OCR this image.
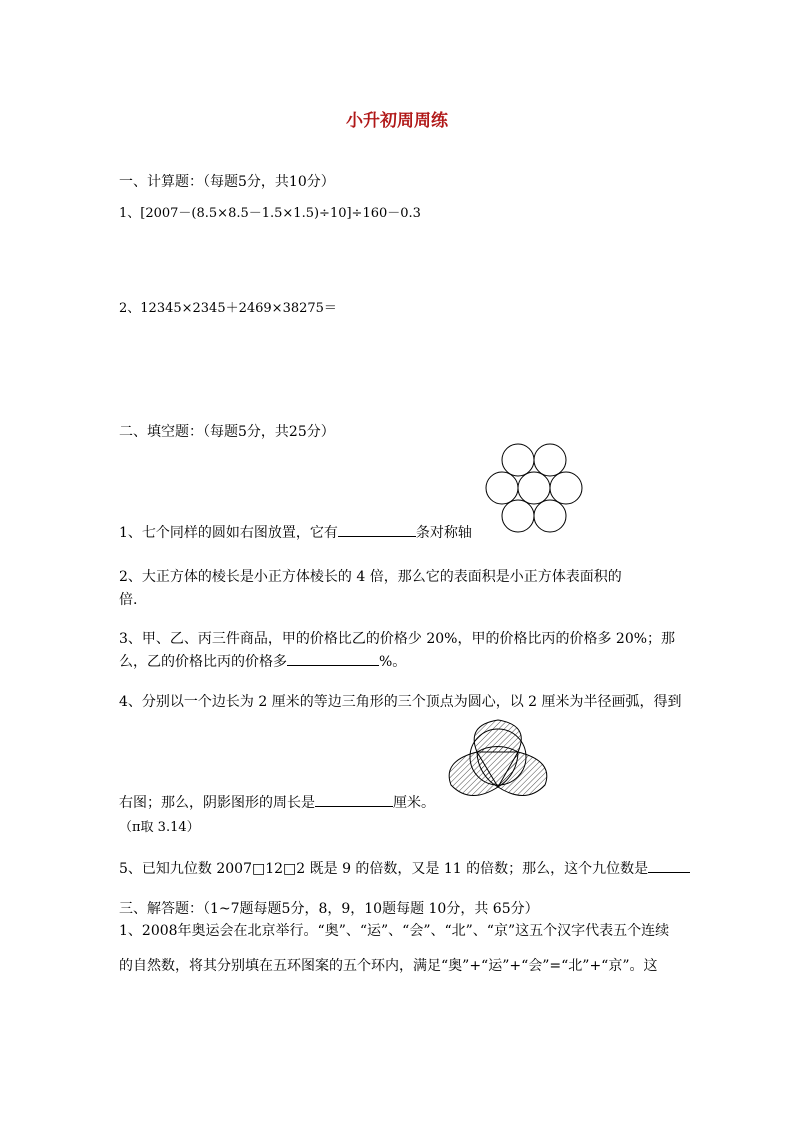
小升初周周练
一、计算题：（每题5分，共10分）
1、[2007－(8.5×8.5－1.5×1.5)÷10]÷160－0.3
2、12345×2345＋2469×38275＝
二、填空题：（每题5分，共25分）
1、七个同样的圆如右图放置，它有	条对称轴
2、大正方体的棱长是小正方体棱长的 4 倍，那么它的表面积是小正方体表面积的
倍.
3、甲、乙、丙三件商品，甲的价格比乙的价格少 20%，甲的价格比丙的价格多 20%；那
么，乙的价格比丙的价格多	%。
4、分别以一个边长为 2 厘米的等边三角形的三个顶点为圆心，以 2 厘米为半径画弧，得到
右图；那么，阴影图形的周长是	厘米。
（π取 3.14）
5、已知九位数 2007□12□2 既是 9 的倍数，又是 11 的倍数；那么，这个九位数是
三、解答题：（1~7题每题5分，8，9，10题每题 10分，共 65分）
1、2008年奥运会在北京举行。“奥”、“运”、“会”、“北”、“京”这五个汉字代表五个连续
的自然数，将其分别填在五环图案的五个环内，满足“奥”+“运”+“会”=“北”+“京”。这
